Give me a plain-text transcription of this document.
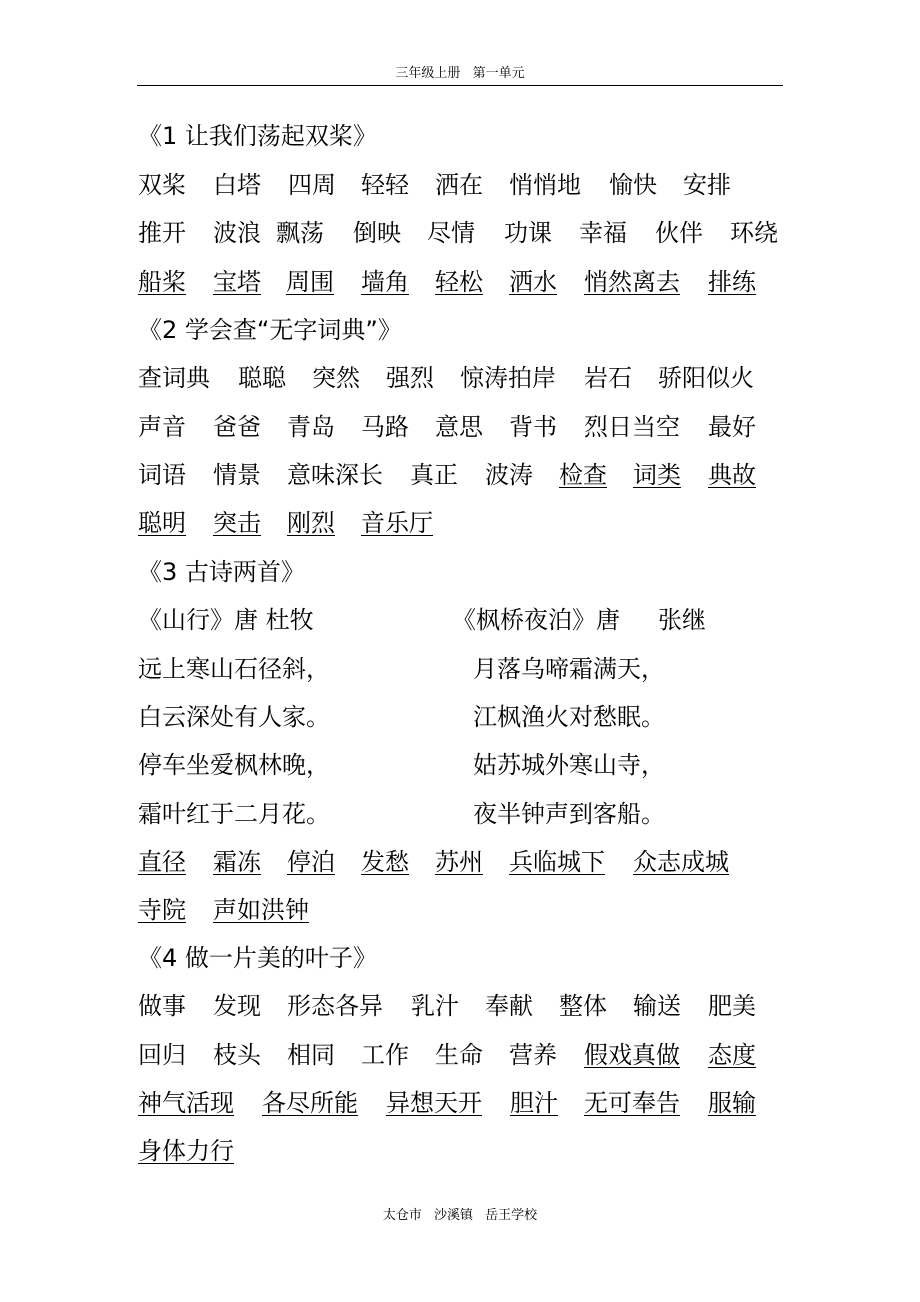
三年级上册 第一单元
《1 让我们荡起双桨》
双桨 白塔 四周 轻轻 洒在 悄悄地 愉快 安排
推开 波浪 飘荡 倒映 尽情 功课 幸福 伙伴 环绕
船桨 宝塔 周围 墙角 轻松 洒水 悄然离去 排练
《2 学会查“无字词典”》
查词典 聪聪 突然 强烈 惊涛拍岸 岩石 骄阳似火
声音 爸爸 青岛 马路 意思 背书 烈日当空 最好
词语 情景 意味深长 真正 波涛 检查 词类 典故
聪明 突击 刚烈 音乐厅
《3 古诗两首》
《山行》唐 杜牧	《枫桥夜泊》唐 张继
远上寒山石径斜，	月落乌啼霜满天，
白云深处有人家。	江枫渔火对愁眠。
停车坐爱枫林晚，	姑苏城外寒山寺，
霜叶红于二月花。	夜半钟声到客船。
直径 霜冻 停泊 发愁 苏州 兵临城下 众志成城
寺院 声如洪钟
《4 做一片美的叶子》
做事 发现 形态各异 乳汁 奉献 整体 输送 肥美
回归 枝头 相同 工作 生命 营养 假戏真做 态度
神气活现 各尽所能 异想天开 胆汁 无可奉告 服输
身体力行
太仓市 沙溪镇 岳王学校
